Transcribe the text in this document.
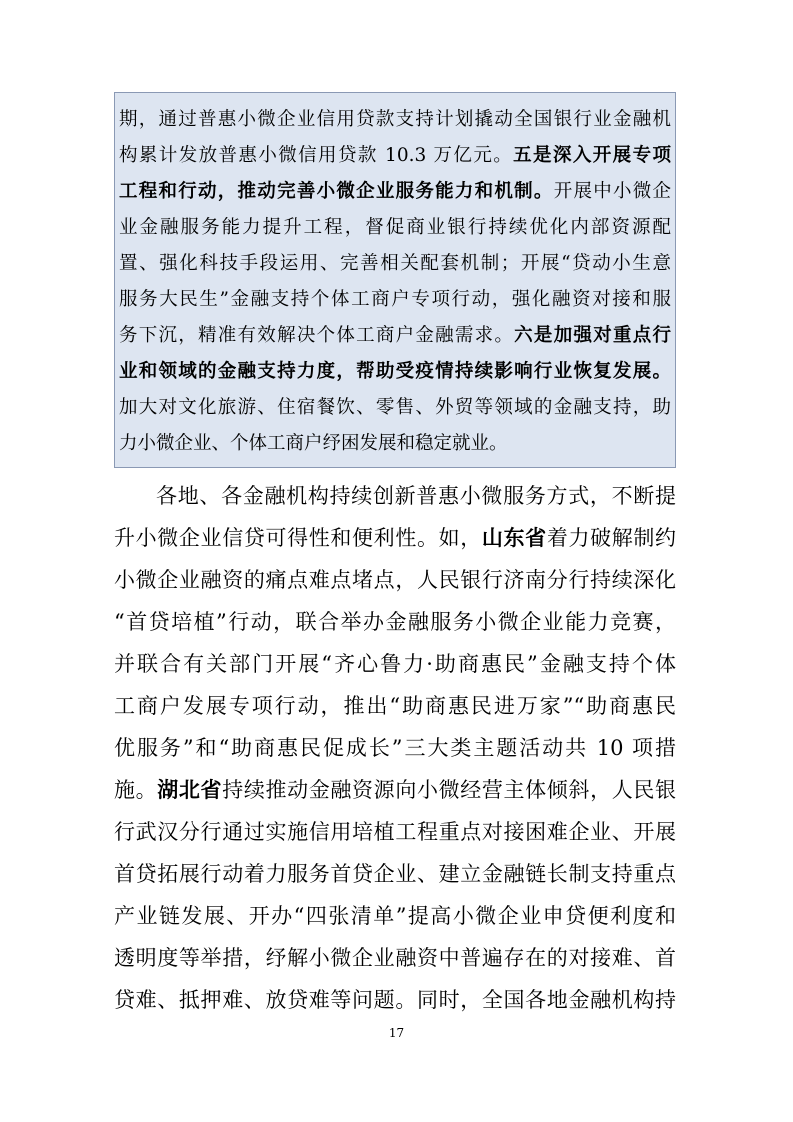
期，通过普惠小微企业信用贷款支持计划撬动全国银行业金融机
构累计发放普惠小微信用贷款 10.3 万亿元。五是深入开展专项
工程和行动，推动完善小微企业服务能力和机制。开展中小微企
业金融服务能力提升工程，督促商业银行持续优化内部资源配
置、强化科技手段运用、完善相关配套机制；开展“贷动小生意
服务大民生”金融支持个体工商户专项行动，强化融资对接和服
务下沉，精准有效解决个体工商户金融需求。六是加强对重点行
业和领域的金融支持力度，帮助受疫情持续影响行业恢复发展。
加大对文化旅游、住宿餐饮、零售、外贸等领域的金融支持，助
力小微企业、个体工商户纾困发展和稳定就业。
各地、各金融机构持续创新普惠小微服务方式，不断提
升小微企业信贷可得性和便利性。如，山东省着力破解制约
小微企业融资的痛点难点堵点，人民银行济南分行持续深化
“首贷培植”行动，联合举办金融服务小微企业能力竞赛，
并联合有关部门开展“齐心鲁力·助商惠民”金融支持个体
工商户发展专项行动，推出“助商惠民进万家”“助商惠民
优服务”和“助商惠民促成长”三大类主题活动共 10 项措
施。湖北省持续推动金融资源向小微经营主体倾斜，人民银
行武汉分行通过实施信用培植工程重点对接困难企业、开展
首贷拓展行动着力服务首贷企业、建立金融链长制支持重点
产业链发展、开办“四张清单”提高小微企业申贷便利度和
透明度等举措，纾解小微企业融资中普遍存在的对接难、首
贷难、抵押难、放贷难等问题。同时，全国各地金融机构持
17
